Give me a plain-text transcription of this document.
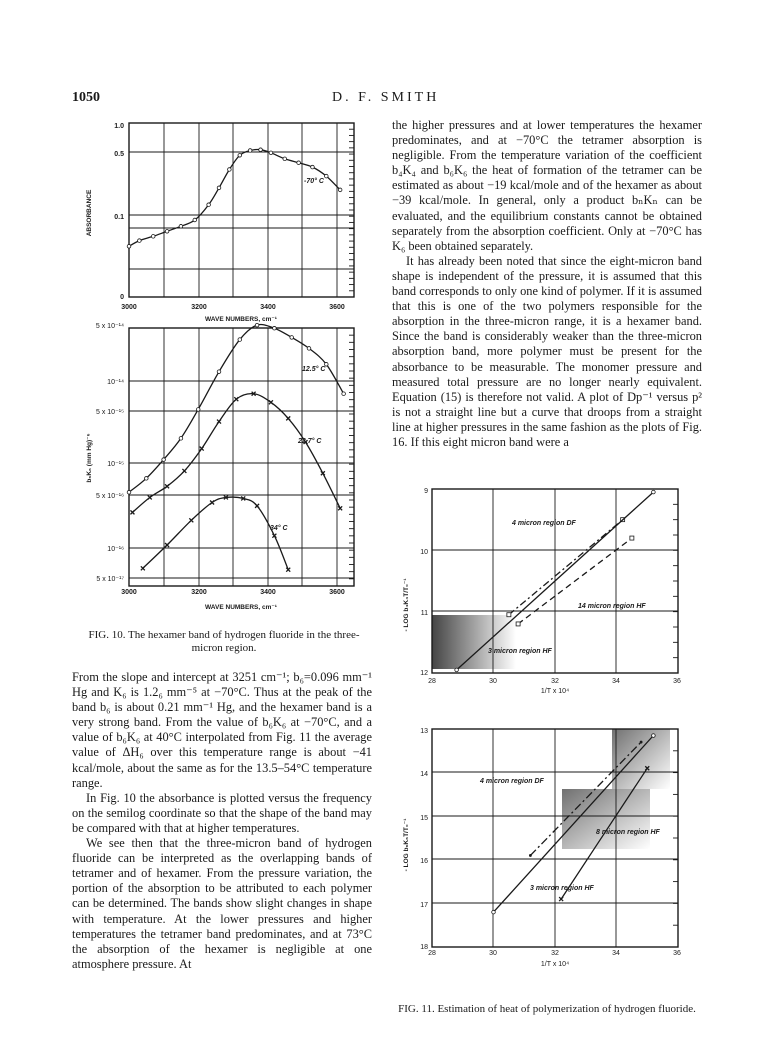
1050	D. F. SMITH

the higher pressures and at lower temperatures the hexamer predominates, and at −70°C the tetramer absorption is negligible. From the temperature variation of the coefficient b₄K₄ and b₆K₆ the heat of formation of the tetramer can be estimated as about −19 kcal/mole and of the hexamer as about −39 kcal/mole. In general, only a product bₙKₙ can be evaluated, and the equilibrium constants cannot be obtained separately from the absorption coefficient. Only at −70°C has K₆ been obtained separately.

It has already been noted that since the eight-micron band shape is independent of the pressure, it is assumed that this band corresponds to only one kind of polymer. If it is assumed that this is one of the two polymers responsible for the absorption in the three-micron range, it is a hexamer band. Since the band is considerably weaker than the three-micron absorption band, more polymer must be present for the absorbance to be measurable. The monomer pressure and measured total pressure are no longer nearly equivalent. Equation (15) is therefore not valid. A plot of Dp⁻¹ versus p² is not a straight line but a curve that droops from a straight line at higher pressures in the same fashion as the plots of Fig. 16. If this eight micron band were a

From the slope and intercept at 3251 cm⁻¹; b₆=0.096 mm⁻¹ Hg and K₆ is 1.2₆ mm⁻⁵ at −70°C. Thus at the peak of the band b₆ is about 0.21 mm⁻¹ Hg, and the hexamer band is a very strong band. From the value of b₆K₆ at −70°C, and a value of b₆K₆ at 40°C interpolated from Fig. 11 the average value of ΔH₆ over this temperature range is about −41 kcal/mole, about the same as for the 13.5–54°C temperature range.

In Fig. 10 the absorbance is plotted versus the frequency on the semilog coordinate so that the shape of the band may be compared with that at higher temperatures.

We see then that the three-micron band of hydrogen fluoride can be interpreted as the overlapping bands of tetramer and of hexamer. From the pressure variation, the portion of the absorption to be attributed to each polymer can be determined. The bands show slight changes in shape with temperature. At the lower pressures and higher temperatures the tetramer band predominates, and at 73°C the absorption of the hexamer is negligible at one atmosphere pressure. At

1.0
0.5
0.1
0
3000	3200	3400	3600
WAVE NUMBERS, cm⁻¹
ABSORBANCE
-70° C
5 x 10⁻¹⁴
10⁻¹⁴
5 x 10⁻¹⁵
10⁻¹⁵
5 x 10⁻¹⁶
10⁻¹⁶
5 x 10⁻¹⁷
3000	3200	3400	3600
WAVE NUMBERS, cm⁻¹
b₆K₆ (mm Hg)⁻⁶
12.5° C
22.7° C
34° C
FIG. 10. The hexamer band of hydrogen fluoride in the three-micron region.
9
10
11
12
28	30	32	34	36
1/T x 10⁴
- LOG b₄K₄T/T₀⁻¹
4 micron region DF
14 micron region HF
3 micron region HF
13
14
15
16
17
18
28	30	32	34	36
1/T x 10⁴
- LOG b₆K₆T/T₀⁻¹
4 micron region DF
8 micron region HF
3 micron region HF
FIG. 11. Estimation of heat of polymerization of hydrogen fluoride.
